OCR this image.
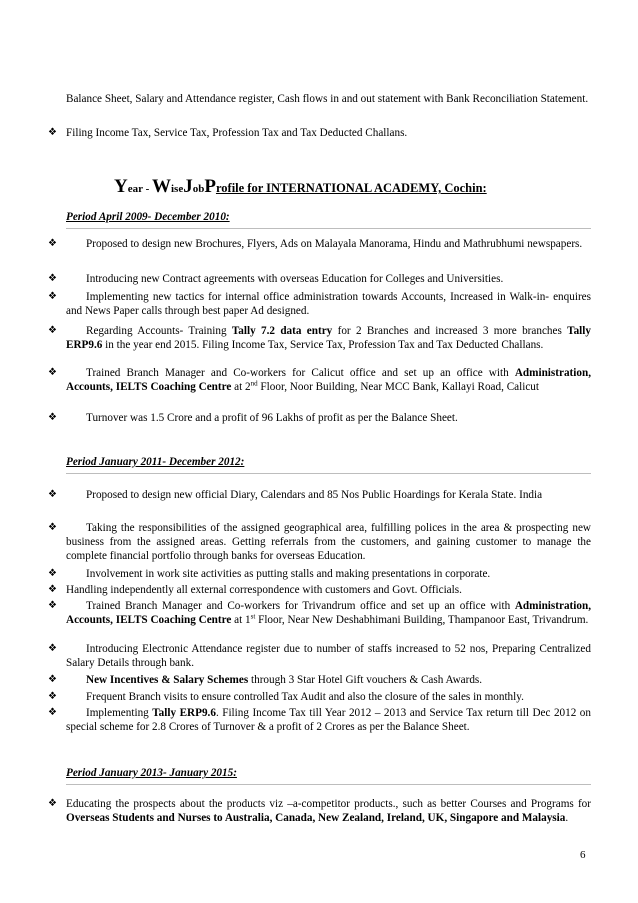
Balance Sheet, Salary and Attendance register, Cash flows in and out statement with Bank Reconciliation Statement.
❖ Filing Income Tax, Service Tax, Profession Tax and Tax Deducted Challans.
Year - WiseJobProfile for INTERNATIONAL ACADEMY, Cochin:
Period April 2009- December 2010:
❖	Proposed to design new Brochures, Flyers, Ads on Malayala Manorama, Hindu and Mathrubhumi newspapers.
❖	Introducing new Contract agreements with overseas Education for Colleges and Universities.
❖	Implementing new tactics for internal office administration towards Accounts, Increased in Walk-in- enquires and News Paper calls through best paper Ad designed.
❖	Regarding Accounts- Training Tally 7.2 data entry for 2 Branches and increased 3 more branches Tally ERP9.6 in the year end 2015. Filing Income Tax, Service Tax, Profession Tax and Tax Deducted Challans.
❖	Trained Branch Manager and Co-workers for Calicut office and set up an office with Administration, Accounts, IELTS Coaching Centre at 2nd Floor, Noor Building, Near MCC Bank, Kallayi Road, Calicut
❖	Turnover was 1.5 Crore and a profit of 96 Lakhs of profit as per the Balance Sheet.
Period January 2011- December 2012:
❖	Proposed to design new official Diary, Calendars and 85 Nos Public Hoardings for Kerala State. India
❖	Taking the responsibilities of the assigned geographical area, fulfilling polices in the area & prospecting new business from the assigned areas. Getting referrals from the customers, and gaining customer to manage the complete financial portfolio through banks for overseas Education.
❖	Involvement in work site activities as putting stalls and making presentations in corporate.
❖ Handling independently all external correspondence with customers and Govt. Officials.
❖	Trained Branch Manager and Co-workers for Trivandrum office and set up an office with Administration, Accounts, IELTS Coaching Centre at 1st Floor, Near New Deshabhimani Building, Thampanoor East, Trivandrum.
❖	Introducing Electronic Attendance register due to number of staffs increased to 52 nos, Preparing Centralized Salary Details through bank.
❖	New Incentives & Salary Schemes through 3 Star Hotel Gift vouchers & Cash Awards.
❖	Frequent Branch visits to ensure controlled Tax Audit and also the closure of the sales in monthly.
❖	Implementing Tally ERP9.6. Filing Income Tax till Year 2012 – 2013 and Service Tax return till Dec 2012 on special scheme for 2.8 Crores of Turnover & a profit of 2 Crores as per the Balance Sheet.
Period January 2013- January 2015:
❖ Educating the prospects about the products viz –a-competitor products., such as better Courses and Programs for Overseas Students and Nurses to Australia, Canada, New Zealand, Ireland, UK, Singapore and Malaysia.
6
